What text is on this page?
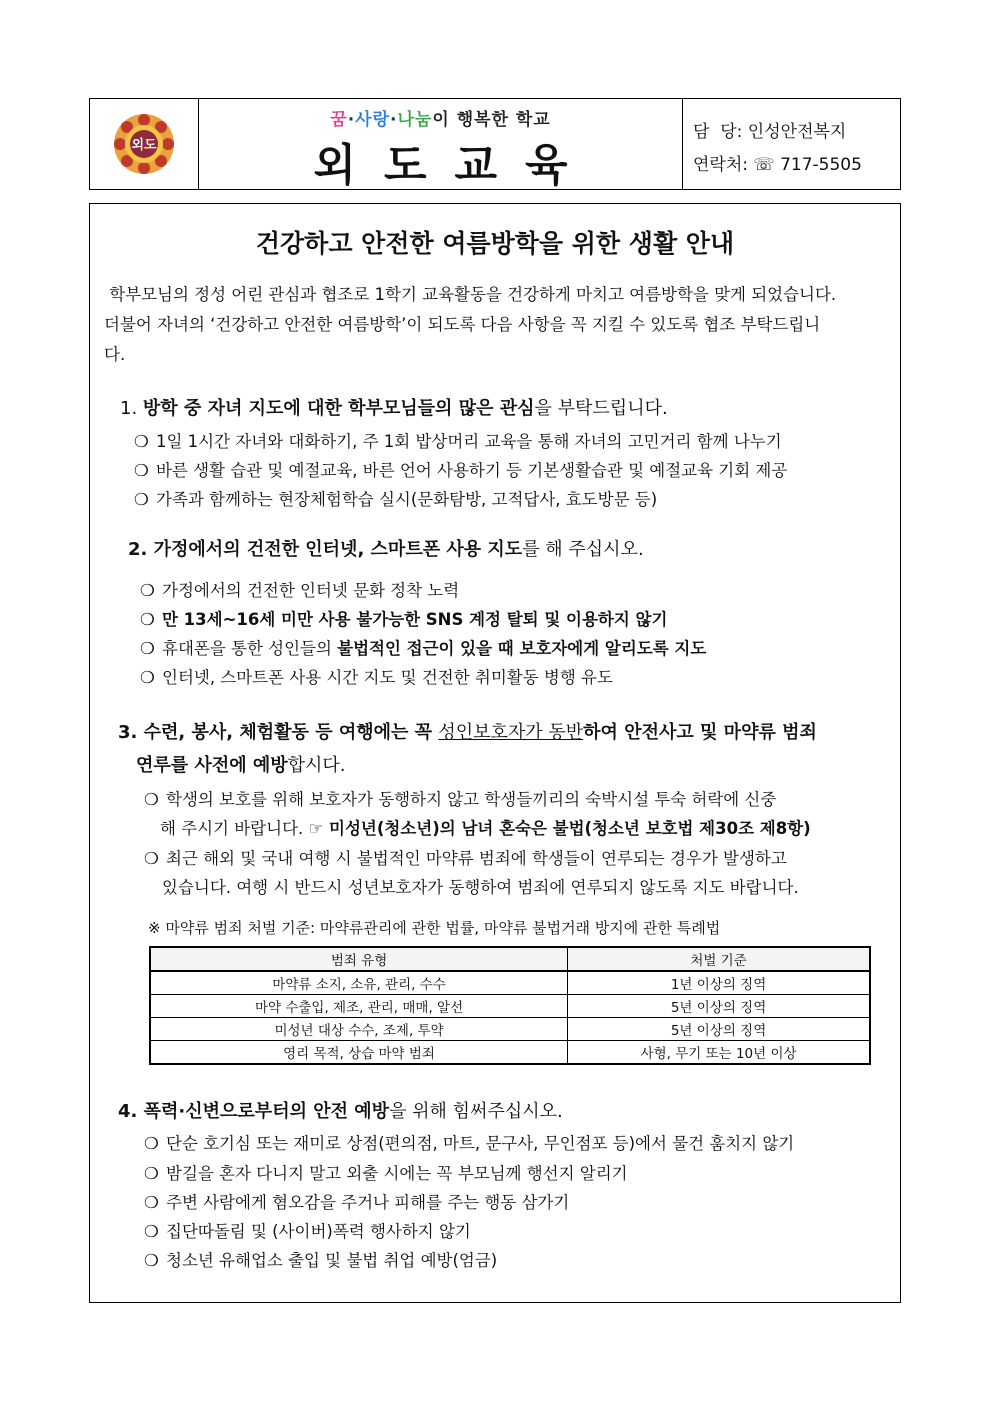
외도
꿈·사랑·나눔이 행복한 학교
외도교육
담  당: 인성안전복지
연락처: ☏ 717-5505
건강하고 안전한 여름방학을 위한 생활 안내
학부모님의 정성 어린 관심과 협조로 1학기 교육활동을 건강하게 마치고 여름방학을 맞게 되었습니다.
더불어 자녀의 ‘건강하고 안전한 여름방학’이 되도록 다음 사항을 꼭 지킬 수 있도록 협조 부탁드립니
다.
1. 방학 중 자녀 지도에 대한 학부모님들의 많은 관심을 부탁드립니다.
❍ 1일 1시간 자녀와 대화하기, 주 1회 밥상머리 교육을 통해 자녀의 고민거리 함께 나누기
❍ 바른 생활 습관 및 예절교육, 바른 언어 사용하기 등 기본생활습관 및 예절교육 기회 제공
❍ 가족과 함께하는 현장체험학습 실시(문화탐방, 고적답사, 효도방문 등)
2. 가정에서의 건전한 인터넷, 스마트폰 사용 지도를 해 주십시오.
❍ 가정에서의 건전한 인터넷 문화 정착 노력
❍ 만 13세~16세 미만 사용 불가능한 SNS 계정 탈퇴 및 이용하지 않기
❍ 휴대폰을 통한 성인들의 불법적인 접근이 있을 때 보호자에게 알리도록 지도
❍ 인터넷, 스마트폰 사용 시간 지도 및 건전한 취미활동 병행 유도
3. 수련, 봉사, 체험활동 등 여행에는 꼭 성인보호자가 동반하여 안전사고 및 마약류 범죄
연루를 사전에 예방합시다.
❍ 학생의 보호를 위해 보호자가 동행하지 않고 학생들끼리의 숙박시설 투숙 허락에 신중
해 주시기 바랍니다. ☞ 미성년(청소년)의 남녀 혼숙은 불법(청소년 보호법 제30조 제8항)
❍ 최근 해외 및 국내 여행 시 불법적인 마약류 범죄에 학생들이 연루되는 경우가 발생하고
있습니다. 여행 시 반드시 성년보호자가 동행하여 범죄에 연루되지 않도록 지도 바랍니다.
※ 마약류 범죄 처벌 기준: 마약류관리에 관한 법률, 마약류 불법거래 방지에 관한 특례법
범죄 유형	처벌 기준
마약류 소지, 소유, 관리, 수수	1년 이상의 징역
마약 수출입, 제조, 관리, 매매, 알선	5년 이상의 징역
미성년 대상 수수, 조제, 투약	5년 이상의 징역
영리 목적, 상습 마약 범죄	사형, 무기 또는 10년 이상
4. 폭력·신변으로부터의 안전 예방을 위해 힘써주십시오.
❍ 단순 호기심 또는 재미로 상점(편의점, 마트, 문구사, 무인점포 등)에서 물건 훔치지 않기
❍ 밤길을 혼자 다니지 말고 외출 시에는 꼭 부모님께 행선지 알리기
❍ 주변 사람에게 혐오감을 주거나 피해를 주는 행동 삼가기
❍ 집단따돌림 및 (사이버)폭력 행사하지 않기
❍ 청소년 유해업소 출입 및 불법 취업 예방(엄금)
